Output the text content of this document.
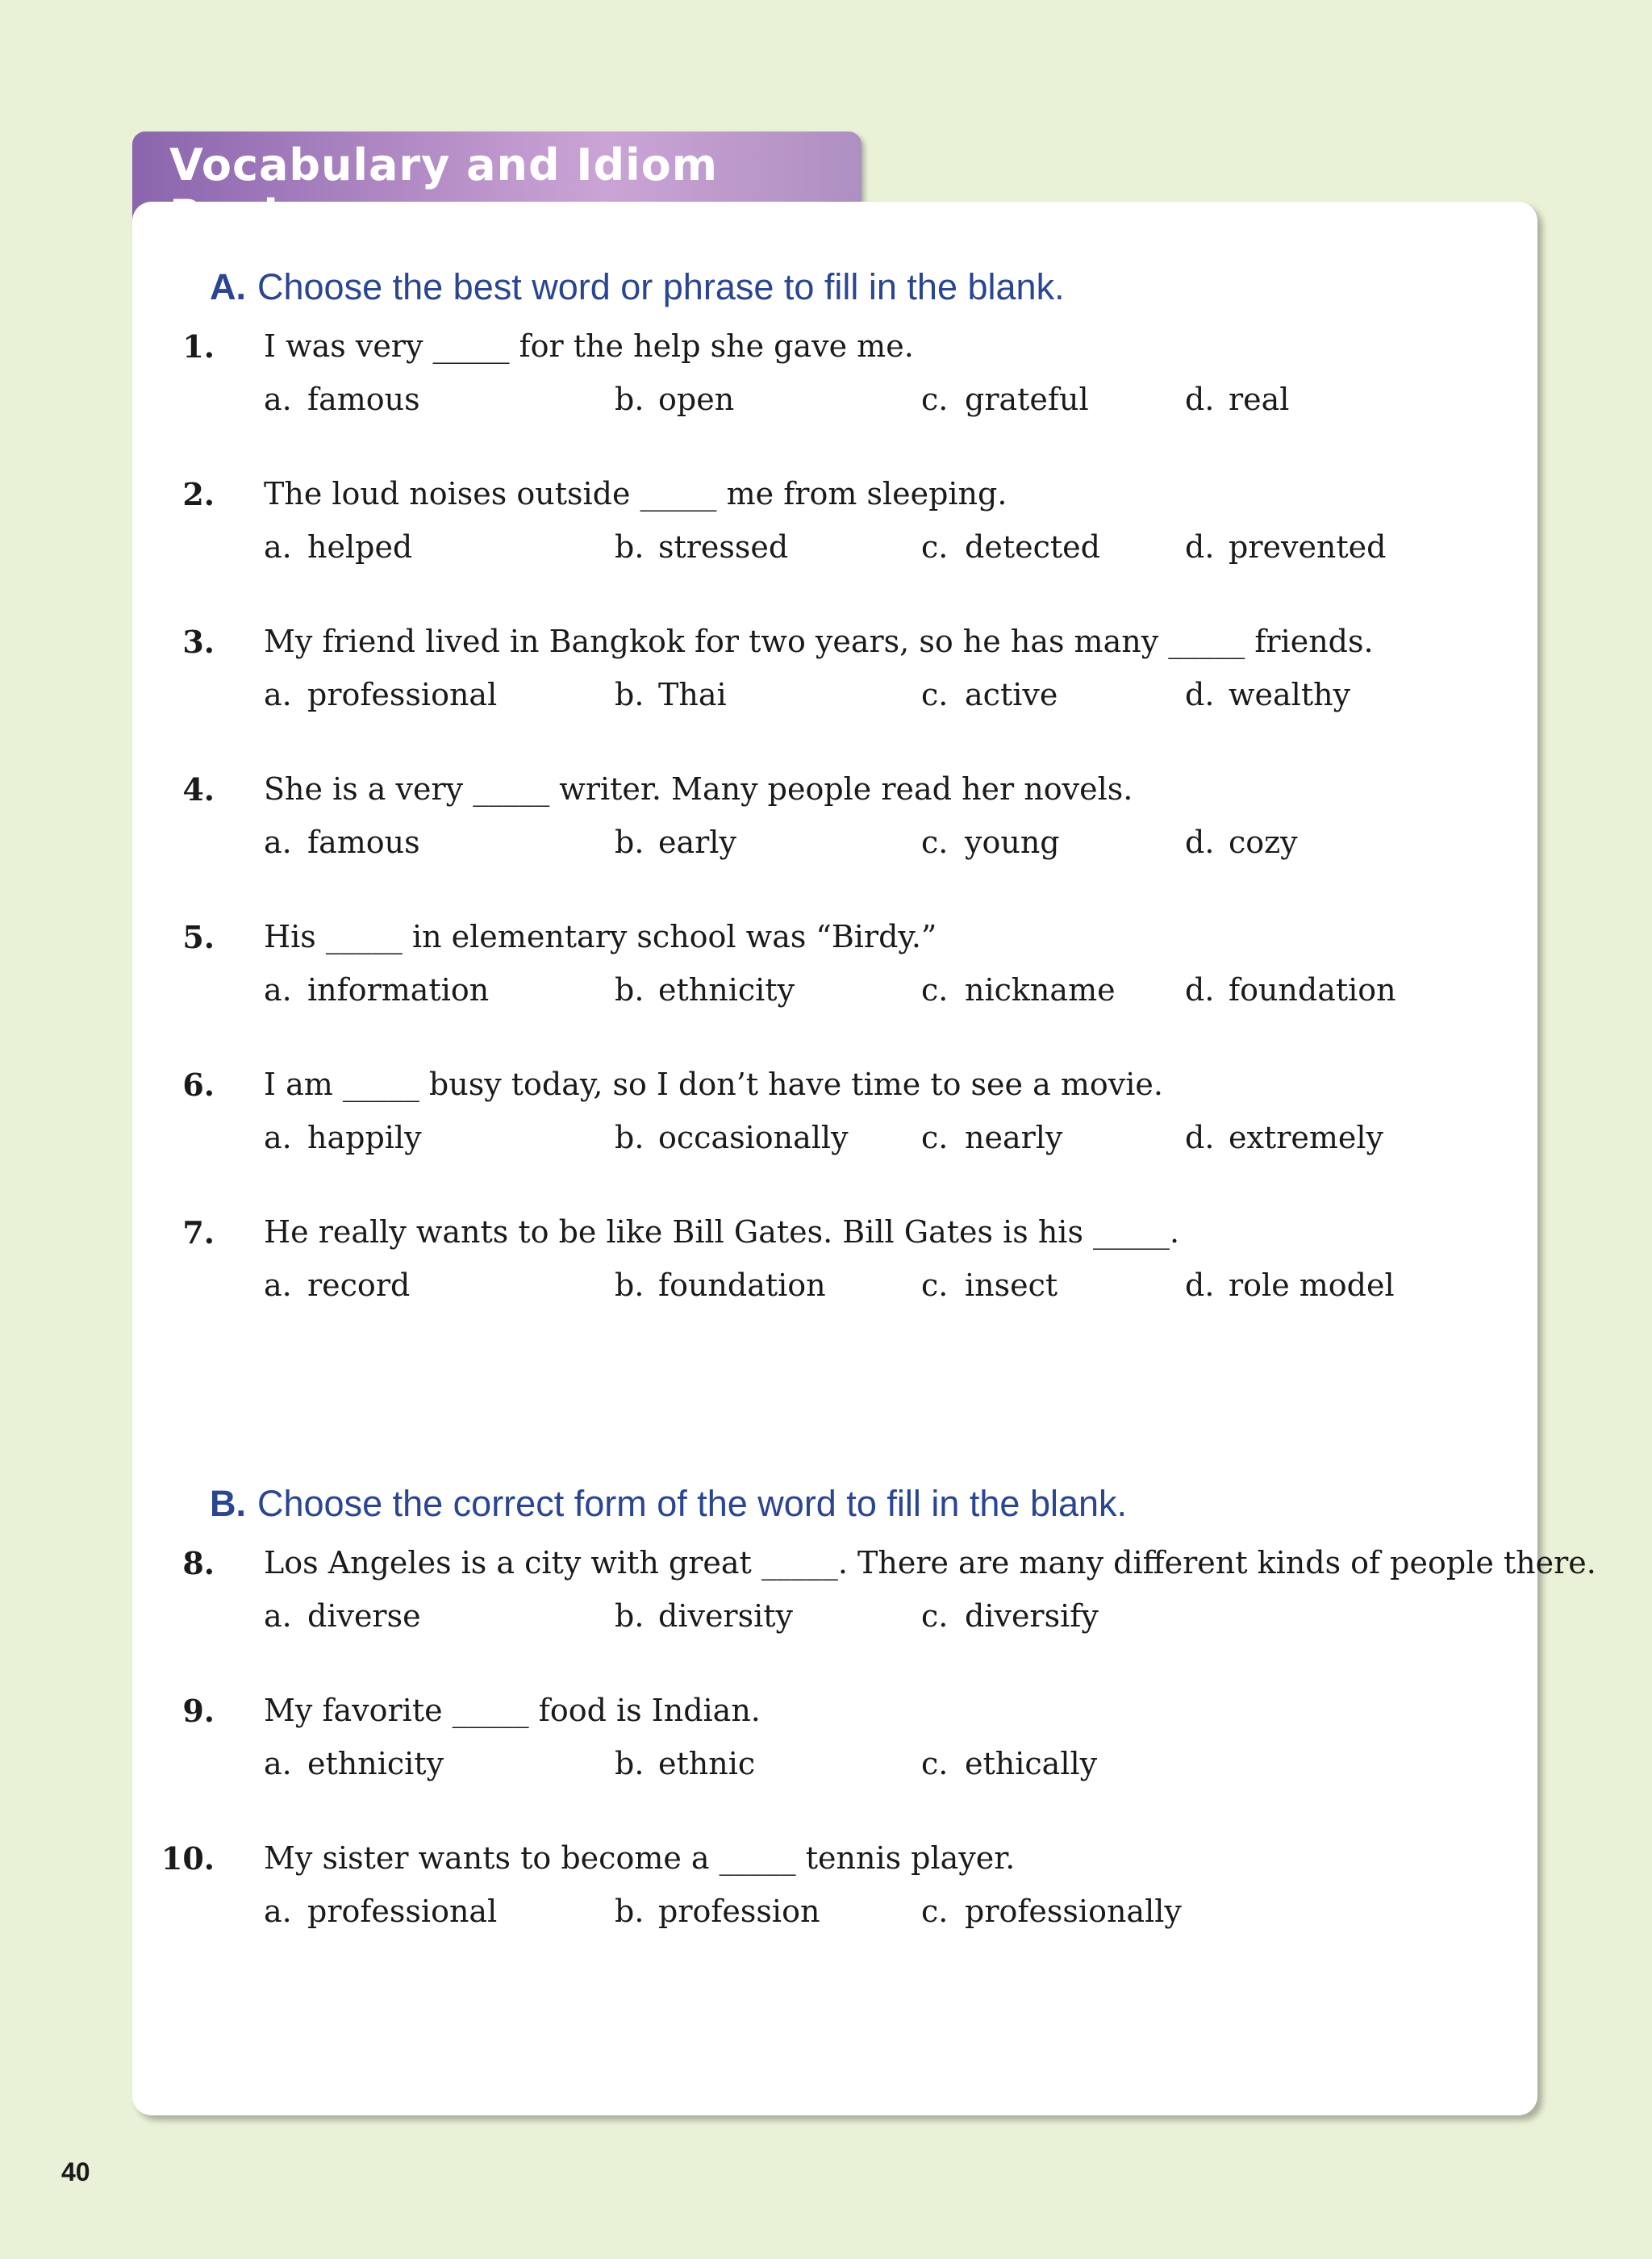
Vocabulary and Idiom
A. Choose the best word or phrase to fill in the blank.
B. Choose the correct form of the word to fill in the blank.
1. I was very _____ for the help she gave me.
a. famous	b. open	c. grateful	d. real
2. The loud noises outside _____ me from sleeping.
a. helped	b. stressed	c. detected	d. prevented
3. My friend lived in Bangkok for two years, so he has many _____ friends.
a. professional	b. Thai	c. active	d. wealthy
4. She is a very _____ writer. Many people read her novels.
a. famous	b. early	c. young	d. cozy
5. His _____ in elementary school was “Birdy.”
a. information	b. ethnicity	c. nickname d. foundation
6. I am _____ busy today, so I don’t have time to see a movie.
a. happily	b. occasionally c. nearly	d. extremely
7. He really wants to be like Bill Gates. Bill Gates is his _____.
a. record	b. foundation	c. insect	d. role model
8. Los Angeles is a city with great _____. There are many different kinds of people there.
a. diverse	b. diversity	c. diversify
9. My favorite _____ food is Indian.
a. ethnicity	b. ethnic	c. ethically
10. My sister wants to become a _____ tennis player.
a. professional	b. profession	c. professionally
40
